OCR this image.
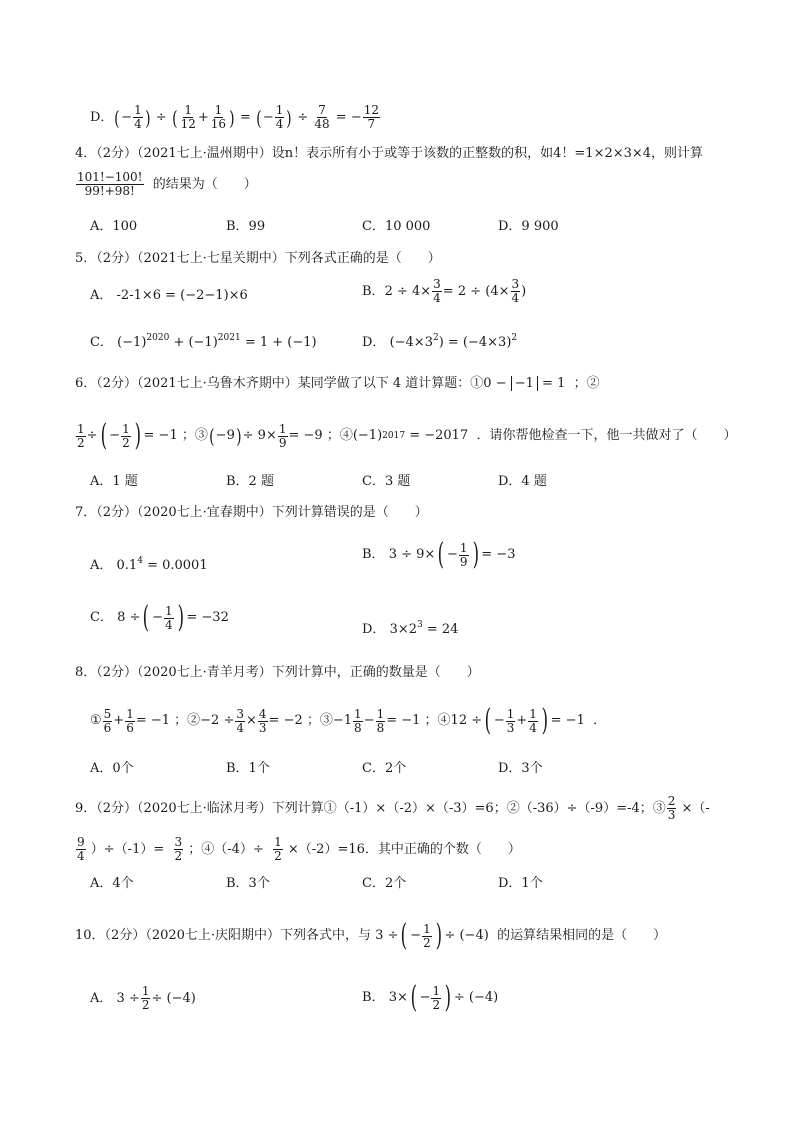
D． ( − 1
4 ) ÷ ( 1
12 + 1
16 ) = ( − 1
4 ) ÷ 7
48 = − 12
7
4．（2分）（2021七上·温州期中）设n！表示所有小于或等于该数的正整数的积，如4！=1×2×3×4，则计算
$\frac{101!-100!}{99!+98!}$
的结果为（　　）
A．100	B．99	C．10 000	D．9 900
5．（2分）（2021七上·七星关期中）下列各式正确的是（　　）
A． -2-1×6 = (−2−1)×6	B． $2 \div 4\times \frac{3}{4} = 2 \div (4\times \frac{3}{4}$ )
C． $(-1)^{2020} + (-1)^{2021} = 1 + (-1)$	D． $(-4\times 3^2) = (-4\times 3)^2$
6．（2分）（2021七上·乌鲁木齐期中）某同学做了以下 4 道计算题：①0 − −1 = 1  ；②
1
2 ÷ ( − 1
2 ) = −1 ；③ ( −9 ) ÷ $9\times \frac{1}{9} = -9$ ；④ (−1) 2017
= −2017
．请你帮他检查一下，他一共做对了（　　）
A．1 题	B．2 题	C．3 题	D．4 题
7．（2分）（2020七上·宜春期中）下列计算错误的是（　　）
A． $0.1^4 = 0.0001$
B． 3 ÷ 9× ( − 1
9 ) = −3
C． 8 ÷ ( − 1
4 ) = −32
D． $3\times 2^3 = 24$
8．（2分）（2020七上·青羊月考）下列计算中，正确的数量是（　　）
① 5
6 + 1
6 = −1 ；②−2 ÷ 3
4 × 4
3 = −2 ；③−1 1
8 − 1
8 = −1 ；④12 ÷ ( − 1
3 + 1
4 ) = −1  ．
A．0个	B．1个	C．2个	D．3个
9．（2分）（2020七上·临沭月考）下列计算①（-1）×（-2）×（-3）=6；②（-36）÷（-9）=-4；③ $\frac{2}{3}$
×（-
9
4
）÷（-1）=
$\frac{3}{2}$
；④（-4）÷
$\frac{1}{2}$
×（-2）=16．其中正确的个数（　　）
A．4个	B．3个	C．2个	D．1个
10．（2分）（2020七上·庆阳期中）下列各式中，与 3 ÷ ( − 1
2 ) ÷ (−4) 的运算结果相同的是（　　）
A． 3 ÷ 1
2 ÷ (−4)	B． 3× ( − 1
2 ) ÷ (−4)
